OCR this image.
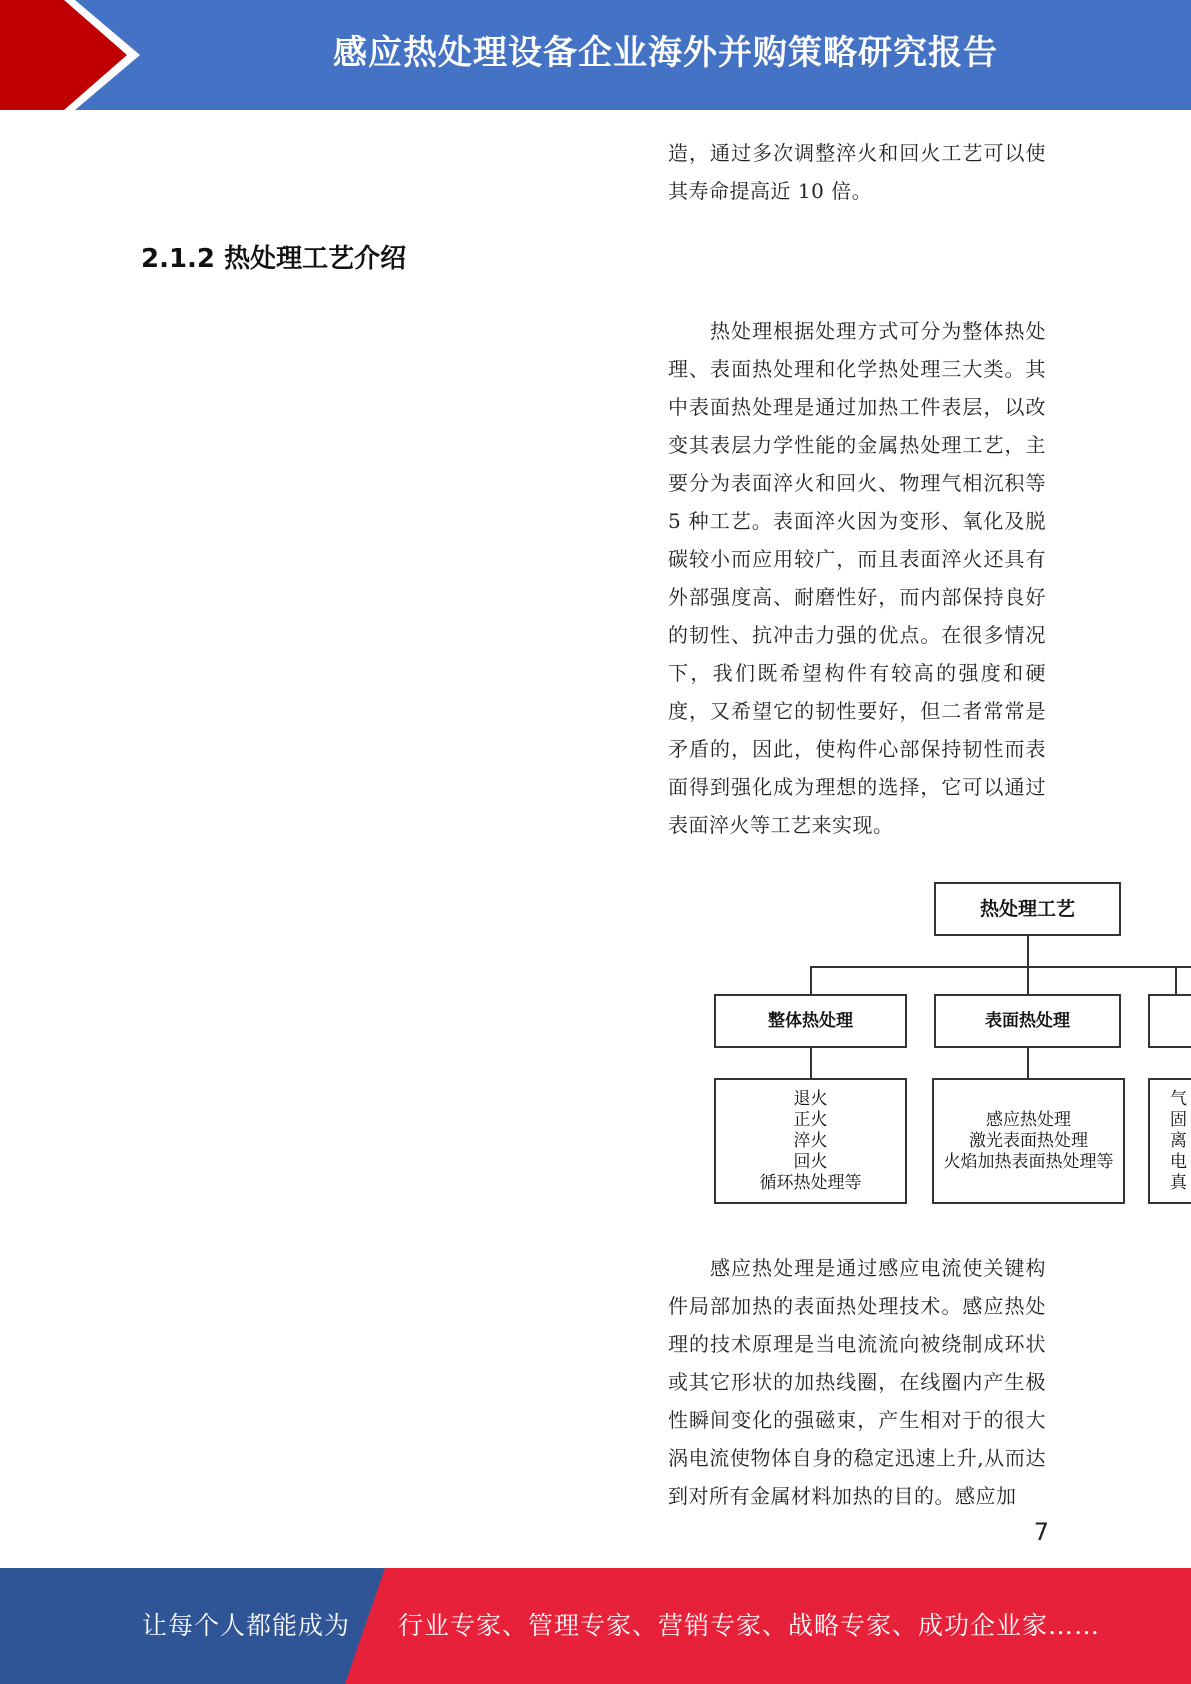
感应热处理设备企业海外并购策略研究报告
2.1.2 热处理工艺介绍

造，通过多次调整淬火和回火工艺可以使其寿命提高近 10 倍。

热处理根据处理方式可分为整体热处理、表面热处理和化学热处理三大类。其中表面热处理是通过加热工件表层，以改变其表层力学性能的金属热处理工艺，主要分为表面淬火和回火、物理气相沉积等 5 种工艺。表面淬火因为变形、氧化及脱碳较小而应用较广，而且表面淬火还具有外部强度高、耐磨性好，而内部保持良好的韧性、抗冲击力强的优点。在很多情况下，我们既希望构件有较高的强度和硬度，又希望它的韧性要好，但二者常常是矛盾的，因此，使构件心部保持韧性而表面得到强化成为理想的选择，它可以通过表面淬火等工艺来实现。

热处理工艺
整体热处理	表面热处理
退火
正火
淬火
回火
循环热处理等
感应热处理
激光表面热处理
火焰加热表面热处理等
气
固
离
电
真

感应热处理是通过感应电流使关键构件局部加热的表面热处理技术。感应热处理的技术原理是当电流流向被绕制成环状或其它形状的加热线圈，在线圈内产生极性瞬间变化的强磁束，产生相对于的很大涡电流使物体自身的稳定迅速上升,从而达到对所有金属材料加热的目的。感应加

7
让每个人都能成为 行业专家、管理专家、营销专家、战略专家、成功企业家……
